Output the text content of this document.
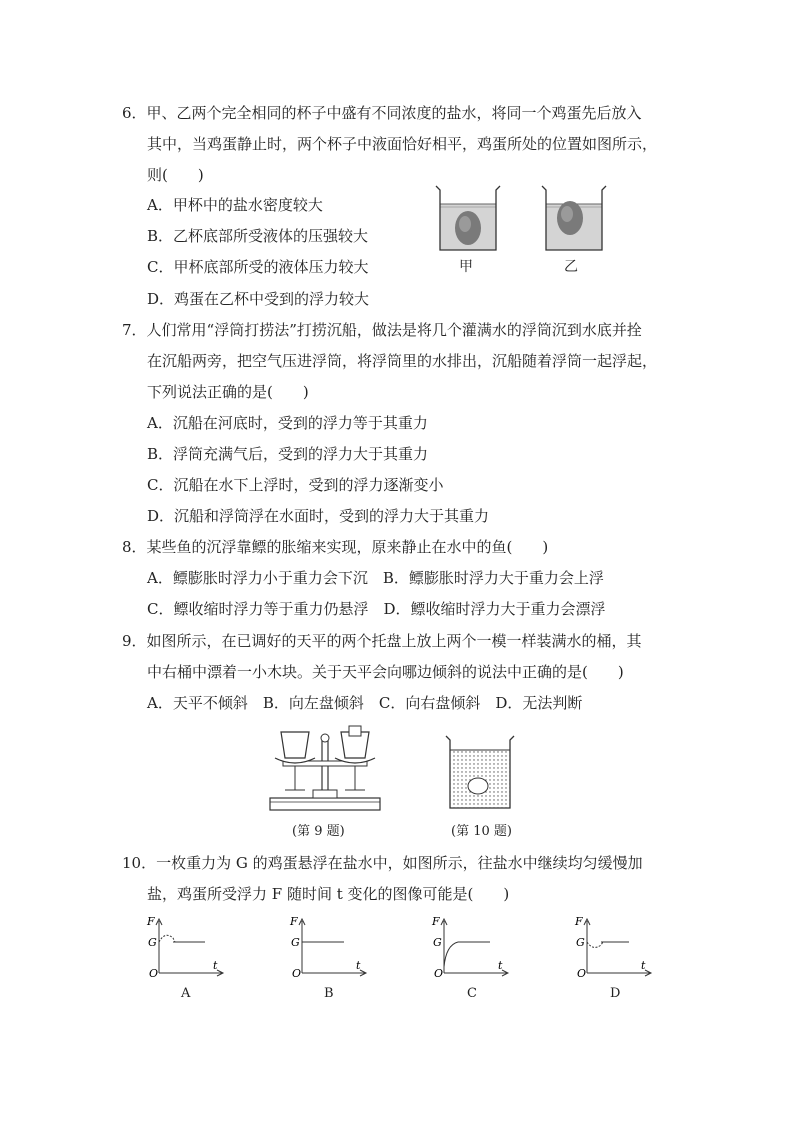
6．甲、乙两个完全相同的杯子中盛有不同浓度的盐水，将同一个鸡蛋先后放入
其中，当鸡蛋静止时，两个杯子中液面恰好相平，鸡蛋所处的位置如图所示，
则(　　)
A．甲杯中的盐水密度较大
B．乙杯底部所受液体的压强较大
C．甲杯底部所受的液体压力较大
D．鸡蛋在乙杯中受到的浮力较大
甲	乙
7．人们常用“浮筒打捞法”打捞沉船，做法是将几个灌满水的浮筒沉到水底并拴
在沉船两旁，把空气压进浮筒，将浮筒里的水排出，沉船随着浮筒一起浮起，
下列说法正确的是(　　)
A．沉船在河底时，受到的浮力等于其重力
B．浮筒充满气后，受到的浮力大于其重力
C．沉船在水下上浮时，受到的浮力逐渐变小
D．沉船和浮筒浮在水面时，受到的浮力大于其重力
8．某些鱼的沉浮靠鳔的胀缩来实现，原来静止在水中的鱼(　　)
A．鳔膨胀时浮力小于重力会下沉　B．鳔膨胀时浮力大于重力会上浮
C．鳔收缩时浮力等于重力仍悬浮　D．鳔收缩时浮力大于重力会漂浮
9．如图所示，在已调好的天平的两个托盘上放上两个一模一样装满水的桶，其
中右桶中漂着一小木块。关于天平会向哪边倾斜的说法中正确的是(　　)
A．天平不倾斜　B．向左盘倾斜　C．向右盘倾斜　D．无法判断
(第 9 题)	(第 10 题)
10．一枚重力为 G 的鸡蛋悬浮在盐水中，如图所示，往盐水中继续均匀缓慢加
盐，鸡蛋所受浮力 F 随时间 t 变化的图像可能是(　　)
F
G
O
t
A
F
G
O
t
B
F
G
O
t
C
F
G
O
t
D
